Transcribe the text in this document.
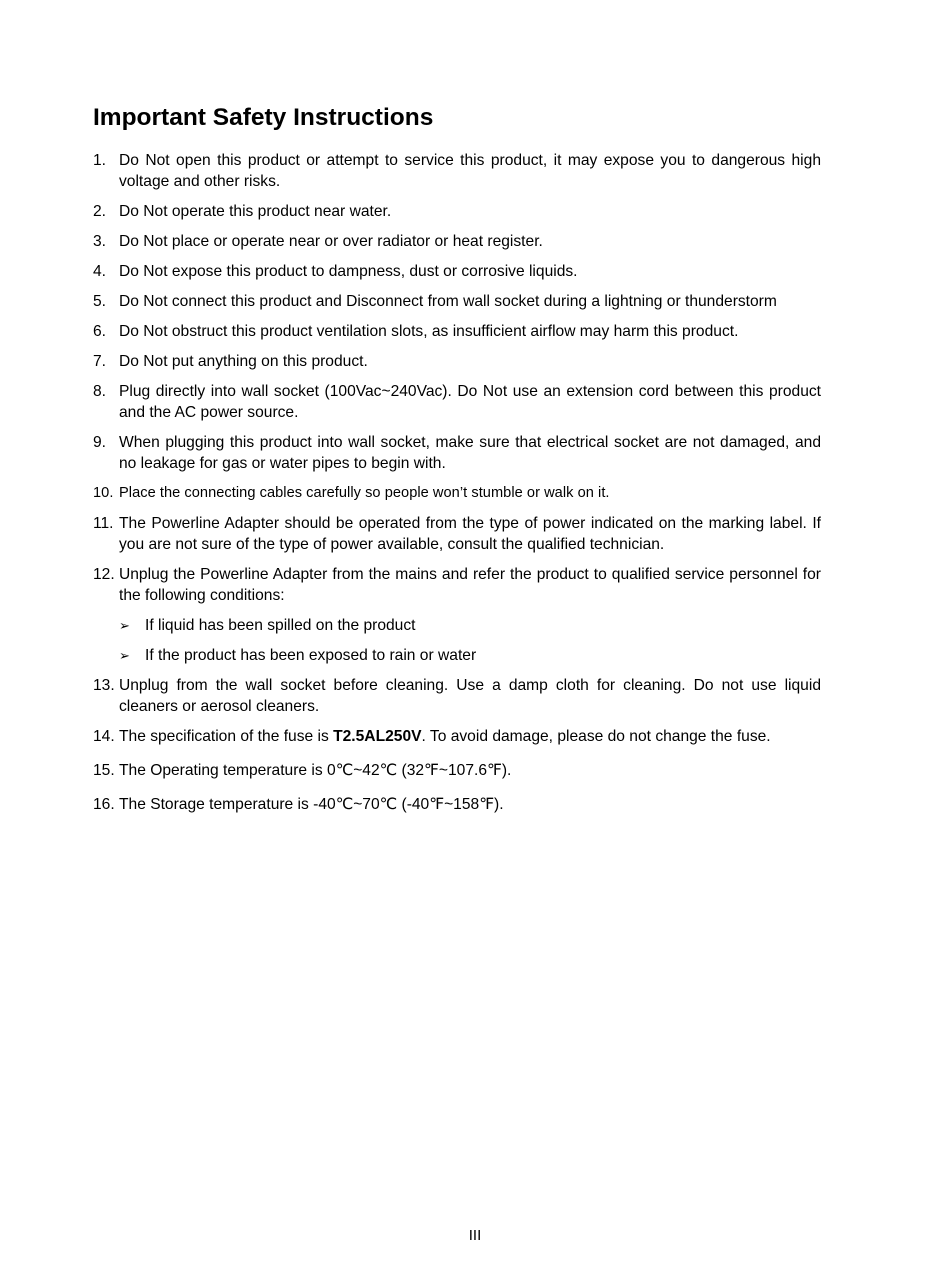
Important Safety Instructions
1. Do Not open this product or attempt to service this product, it may expose you to dangerous high voltage and other risks.
2. Do Not operate this product near water.
3. Do Not place or operate near or over radiator or heat register.
4. Do Not expose this product to dampness, dust or corrosive liquids.
5. Do Not connect this product and Disconnect from wall socket during a lightning or thunderstorm
6. Do Not obstruct this product ventilation slots, as insufficient airflow may harm this product.
7. Do Not put anything on this product.
8. Plug directly into wall socket (100Vac~240Vac). Do Not use an extension cord between this product and the AC power source.
9. When plugging this product into wall socket, make sure that electrical socket are not damaged, and no leakage for gas or water pipes to begin with.
10. Place the connecting cables carefully so people won’t stumble or walk on it.
11. The Powerline Adapter should be operated from the type of power indicated on the marking label. If you are not sure of the type of power available, consult the qualified technician.
12. Unplug the Powerline Adapter from the mains and refer the product to qualified service personnel for the following conditions:
➢ If liquid has been spilled on the product
➢ If the product has been exposed to rain or water
13. Unplug from the wall socket before cleaning. Use a damp cloth for cleaning. Do not use liquid cleaners or aerosol cleaners.
14. The specification of the fuse is T2.5AL250V. To avoid damage, please do not change the fuse.
15. The Operating temperature is 0℃~42℃ (32℉~107.6℉).
16. The Storage temperature is -40℃~70℃ (-40℉~158℉).
III
